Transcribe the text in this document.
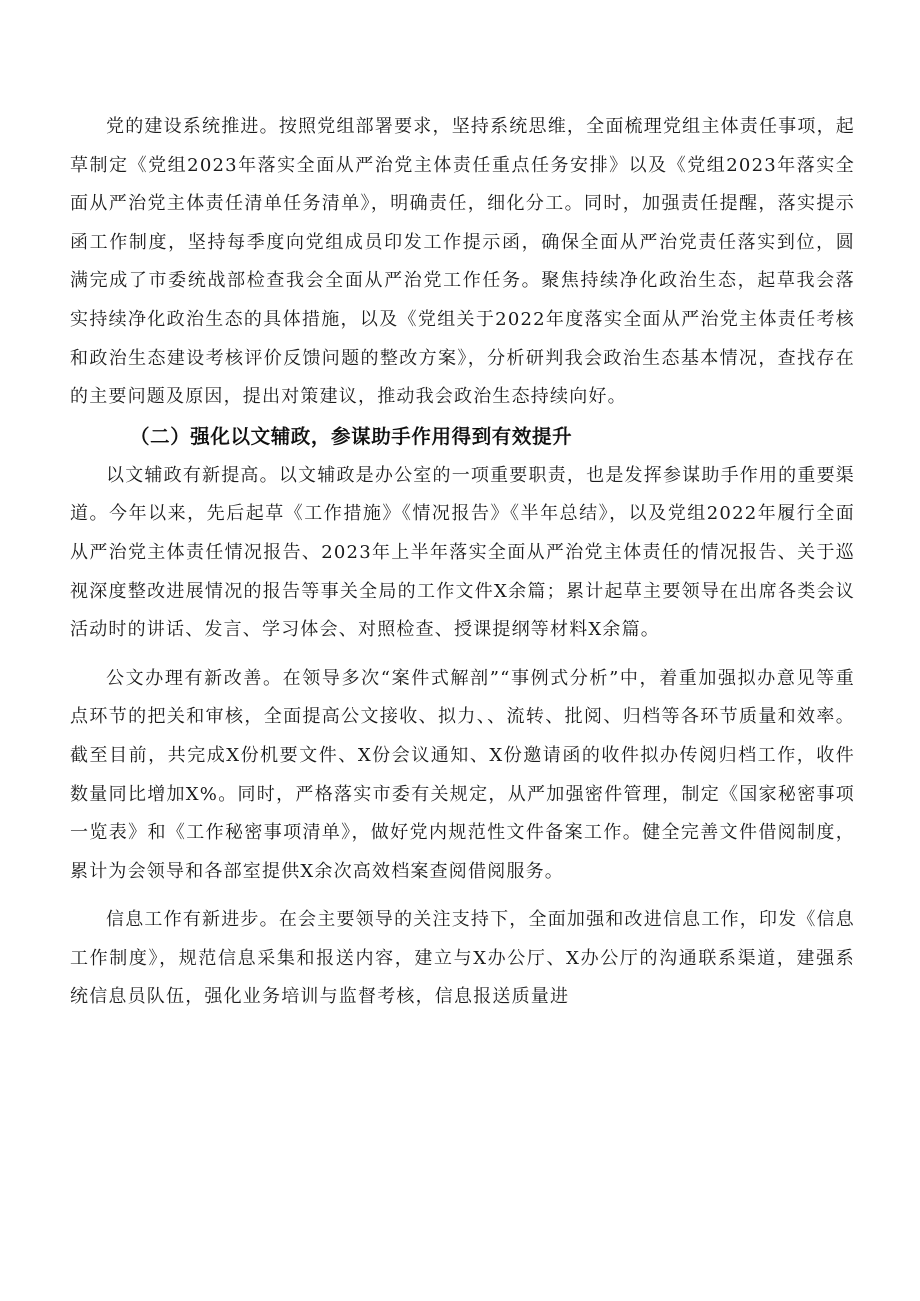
党的建设系统推进。按照党组部署要求，坚持系统思维，全面梳理党组主体责任事项，起草制定《党组2023年落实全面从严治党主体责任重点任务安排》以及《党组2023年落实全面从严治党主体责任清单任务清单》，明确责任，细化分工。同时，加强责任提醒，落实提示函工作制度，坚持每季度向党组成员印发工作提示函，确保全面从严治党责任落实到位，圆满完成了市委统战部检查我会全面从严治党工作任务。聚焦持续净化政治生态，起草我会落实持续净化政治生态的具体措施，以及《党组关于2022年度落实全面从严治党主体责任考核和政治生态建设考核评价反馈问题的整改方案》，分析研判我会政治生态基本情况，查找存在的主要问题及原因，提出对策建议，推动我会政治生态持续向好。

（二）强化以文辅政，参谋助手作用得到有效提升

以文辅政有新提高。以文辅政是办公室的一项重要职责，也是发挥参谋助手作用的重要渠道。今年以来，先后起草《工作措施》《情况报告》《半年总结》，以及党组2022年履行全面从严治党主体责任情况报告、2023年上半年落实全面从严治党主体责任的情况报告、关于巡视深度整改进展情况的报告等事关全局的工作文件X余篇；累计起草主要领导在出席各类会议活动时的讲话、发言、学习体会、对照检查、授课提纲等材料X余篇。

公文办理有新改善。在领导多次“案件式解剖”“事例式分析”中，着重加强拟办意见等重点环节的把关和审核，全面提高公文接收、拟力、、流转、批阅、归档等各环节质量和效率。截至目前，共完成X份机要文件、X份会议通知、X份邀请函的收件拟办传阅归档工作，收件数量同比增加X%。同时，严格落实市委有关规定，从严加强密件管理，制定《国家秘密事项一览表》和《工作秘密事项清单》，做好党内规范性文件备案工作。健全完善文件借阅制度，累计为会领导和各部室提供X余次高效档案查阅借阅服务。

信息工作有新进步。在会主要领导的关注支持下，全面加强和改进信息工作，印发《信息工作制度》，规范信息采集和报送内容，建立与X办公厅、X办公厅的沟通联系渠道，建强系统信息员队伍，强化业务培训与监督考核，信息报送质量进
